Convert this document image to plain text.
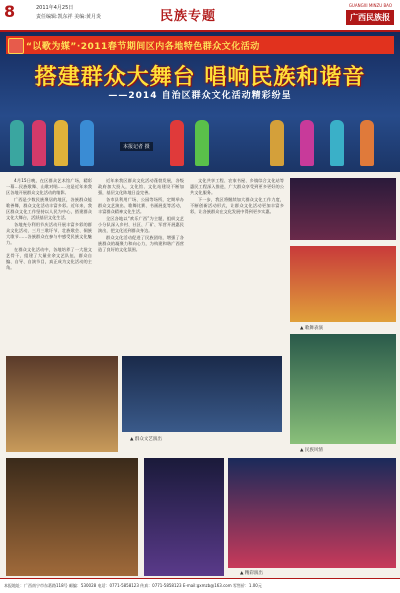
8	2011年4月25日
责任编辑:凯东祥 美编:黄月炎	民族专题
GUANGXI MINZU BAO
广西民族报
“以歌为媒”·2011春节期间区内各地特色群众文化活动
搭建群众大舞台 唱响民族和谐音
——2014 自治区群众文化活动精彩纷呈
本报记者 摄

4月15日晚，在区群众艺术馆广场，精彩一幕…民族歌舞、山歌对唱……这是近年来我区各地开展群众文化活动的缩影。

广西是少数民族聚居的地区，各族群众能歌善舞，群众文化活动丰富多彩。近年来，我区群众文化工作坚持以人民为中心，搭建群众文化大舞台，活跃基层文化生活。

各地充分利用节庆活动开展丰富多彩的群众文化活动，三月三歌圩节、壮族歌会、侗族大歌节……各族群众在参与中感受民族文化魅力。

在群众文化活动中，各地培养了一大批文艺骨干，组建了大量业余文艺队伍，群众自编、自导、自演节目，真正成为文化活动的主角。

近年来我区群众文化活动蓬勃发展，各级政府加大投入，文化馆、文化站建设不断加强，基层文化阵地日益完善。

各市县利用广场、公园等场所，定期举办群众文艺演出、歌舞比赛、书画展览等活动，丰富群众精神文化生活。

全区各地以“欢乐广西”为主题，组织文艺小分队深入乡村、社区、厂矿、军营开展惠民演出，把文化送到群众身边。

群众文化活动促进了民族团结，增强了各族群众的凝聚力和向心力，为构建和谐广西营造了良好的文化氛围。

文化共享工程、农家书屋、乡镇综合文化站等惠民工程深入推进，广大群众享受到更多更好的公共文化服务。

下一步，我区将继续加大群众文化工作力度，不断创新活动形式，让群众文化活动更加丰富多彩，让各族群众在文化发展中得到更多实惠。

▲ 歌舞表演
▲ 群众文艺演出
▲ 民族风情
▲ 精彩演出
本报地址：广西南宁市东葛路118号 邮编：530028 电话：0771-5858123 传真：0771-5858123 E-mail:gxmzb@163.com 零售价：1.00元
